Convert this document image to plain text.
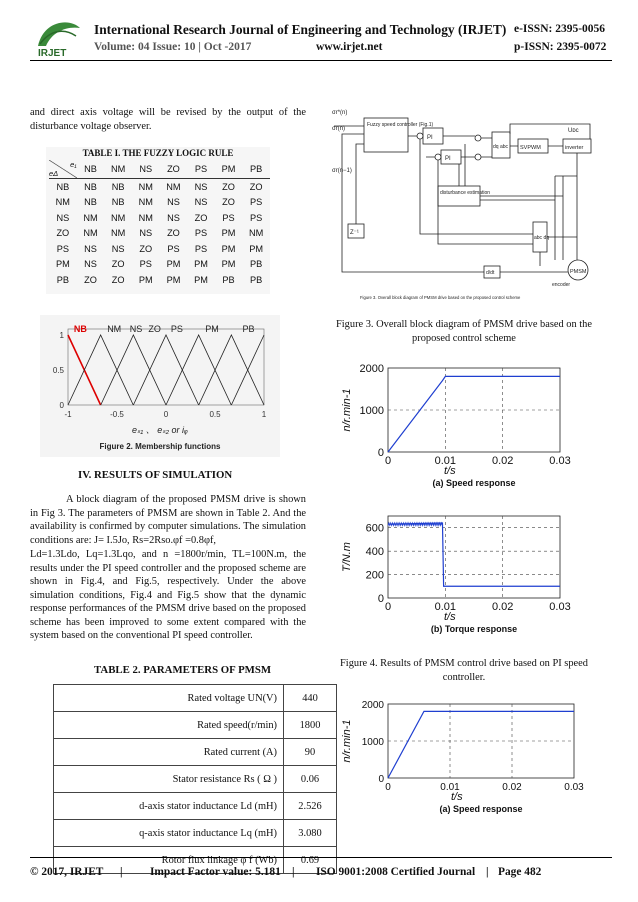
IRJET
International Research Journal of Engineering and Technology (IRJET) e-ISSN: 2395-0056
Volume: 04 Issue: 10 | Oct -2017	www.irjet.net	p-ISSN: 2395-0072
and direct axis voltage will be revised by the output of the disturbance voltage observer.
TABLE I. THE FUZZY LOGIC RULE
e₁
eΔ	NB	NM	NS	ZO	PS	PM	PB
NB	NB	NB	NM	NM	NS	ZO	ZO
NM	NB	NB	NM	NS	NS	ZO	PS
NS	NM	NM	NM	NS	ZO	PS	PS
ZO	NM	NM	NS	ZO	PS	PM	NM
PS	NS	NS	ZO	PS	PS	PM	PM
PM	NS	ZO	PS	PM	PM	PM	PB
PB	ZO	ZO	PM	PM	PM	PB	PB
NB NM NS ZO PS PM	PB
1
0.5
0
-1	-0.5	0	0.5	1
eₛ₁ 、 eₛ₂ or iᵩ
Figure 2. Membership functions
IV. RESULTS OF SIMULATION
A block diagram of the proposed PMSM drive is shown in Fig 3. The parameters of PMSM are shown in Table 2. And the availability is confirmed by computer simulations. The simulation conditions are: J= I.5Jo, Rs=2Rso.φf =0.8φf,
Ld=1.3Ldo, Lq=1.3Lqo, and n =1800r/min, TL=100N.m, the results under the PI speed controller and the proposed scheme are shown in Fig.4, and Fig.5, respectively. Under the above simulation conditions, Fig.4 and Fig.5 show that the dynamic response performances of the PMSM drive based on the proposed scheme has been improved to some extent compared with the system based on the conventional PI speed controller.
TABLE 2. PARAMETERS OF PMSM
Rated voltage UN(V)	440
Rated speed(r/min)	1800
Rated current (A)	90
Stator resistance Rs ( Ω )	0.06
d-axis stator inductance Ld (mH)	2.526
q-axis stator inductance Lq (mH)	3.080
Rotor flux linkage φ f (Wb)	0.69
σr*(n)
σr(n)
σr(n−1)
Fuzzy speed controller (Fig.1)
PI
PI
dq abc SVPWM	inverter
disturbance estimation
abc dq
Z⁻¹
d/dt
encoder
PMSM
Uᴅᴄ
Figure 3. Overall block diagram of PMSM drive based on the proposed control scheme
Figure 3. Overall block diagram of PMSM drive based on the proposed control scheme
2000
1000
0
0	0.01	0.02	0.03
n/r.min-1
t/s
(a) Speed response
600
400
200
0
0	0.01	0.02	0.03
T/N.m
t/s
(b) Torque response
Figure 4. Results of PMSM control drive based on PI speed controller.
2000
1000
0
0	0.01	0.02	0.03
n/r.min-1
t/s
(a) Speed response
© 2017, IRJET | Impact Factor value: 5.181 | ISO 9001:2008 Certified Journal | Page 482
